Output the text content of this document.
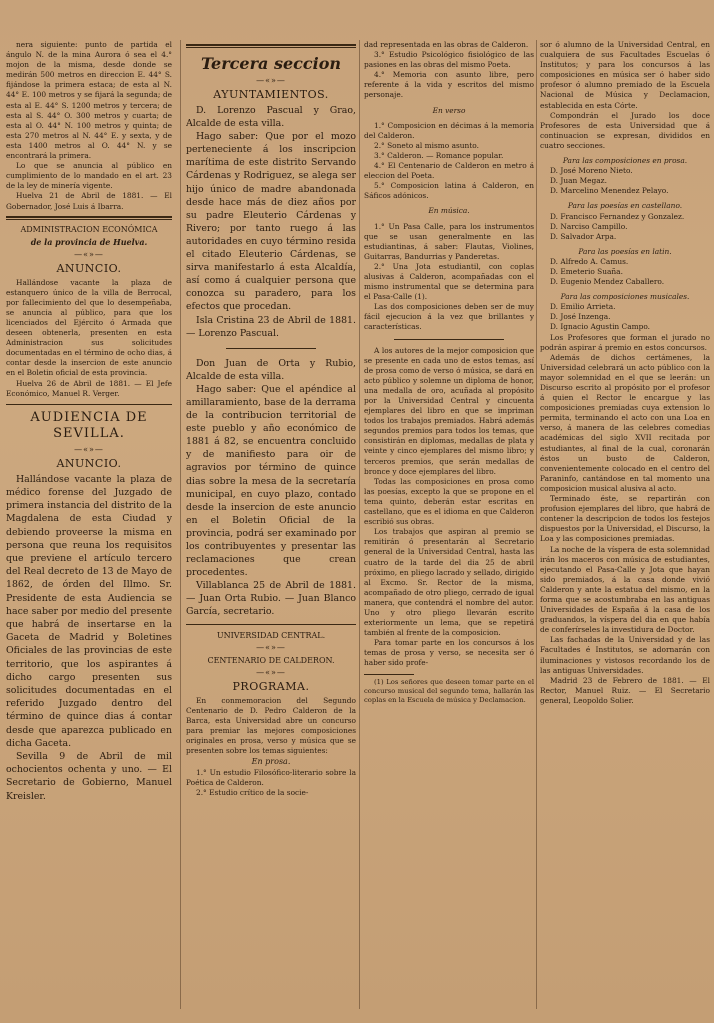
nera siguiente: punto de partida el ángulo N. de la mina Aurora ó sea el 4.° mojon de la misma, desde donde se medirán 500 metros en direccion E. 44° S. fijándose la primera estaca; de esta al N. 44° E. 100 metros y se fijará la segunda; de esta al E. 44° S. 1200 metros y tercera; de esta al S. 44° O. 300 metros y cuarta; de esta al O. 44° N. 100 metros y quinta; de esta 270 metros al N. 44° E. y sexta, y de esta 1400 metros al O. 44° N. y se encontrará la primera.

Lo que se anuncia al público en cumplimiento de lo mandado en el art. 23 de la ley de minería vigente.

Huelva 21 de Abril de 1881. — El Gobernador, José Luis á Ibarra.

ADMINISTRACION ECONÓMICA
de la provincia de Huelva.
—«»—
ANUNCIO.

Hallándose vacante la plaza de estanquero único de la villa de Berrocal, por fallecimiento del que lo desempeñaba, se anuncia al público, para que los licenciados del Ejército ó Armada que deseen obtenerla, presenten en esta Administracion sus solicitudes documentadas en el término de ocho dias, á contar desde la insercion de este anuncio en el Boletin oficial de esta provincia.

Huelva 26 de Abril de 1881. — El Jefe Económico, Manuel R. Verger.

AUDIENCIA DE SEVILLA.
—«»—
ANUNCIO.

Hallándose vacante la plaza de médico forense del Juzgado de primera instancia del distrito de la Magdalena de esta Ciudad y debiendo proveerse la misma en persona que reuna los requisitos que previene el artículo tercero del Real decreto de 13 de Mayo de 1862, de órden del Illmo. Sr. Presidente de esta Audiencia se hace saber por medio del presente que habrá de insertarse en la Gaceta de Madrid y Boletines Oficiales de las provincias de este territorio, que los aspirantes á dicho cargo presenten sus solicitudes documentadas en el referido Juzgado dentro del término de quince dias á contar desde que aparezca publicado en dicha Gaceta.

Sevilla 9 de Abril de mil ochocientos ochenta y uno. — El Secretario de Gobierno, Manuel Kreisler.

Tercera seccion
—«»—
AYUNTAMIENTOS.

D. Lorenzo Pascual y Grao, Alcalde de esta villa.

Hago saber: Que por el mozo perteneciente á los inscripcion marítima de este distrito Servando Cárdenas y Rodriguez, se alega ser hijo único de madre abandonada desde hace más de diez años por su padre Eleuterio Cárdenas y Rivero; por tanto ruego á las autoridades en cuyo término resida el citado Eleuterio Cárdenas, se sirva manifestarlo á esta Alcaldía, así como á cualquier persona que conozca su paradero, para los efectos que procedan.

Isla Cristina 23 de Abril de 1881. — Lorenzo Pascual.

Don Juan de Orta y Rubio, Alcalde de esta villa.

Hago saber: Que el apéndice al amillaramiento, base de la derrama de la contribucion territorial de este pueblo y año económico de 1881 á 82, se encuentra concluido y de manifiesto para oir de agravios por término de quince dias sobre la mesa de la secretaría municipal, en cuyo plazo, contado desde la insercion de este anuncio en el Boletin Oficial de la provincia, podrá ser examinado por los contribuyentes y presentar las reclamaciones que crean procedentes.

Villablanca 25 de Abril de 1881. — Juan Orta Rubio. — Juan Blanco García, secretario.

UNIVERSIDAD CENTRAL.
—«»—
CENTENARIO DE CALDERON.
—«»—
PROGRAMA.

En conmemoracion del Segundo Centenario de D. Pedro Calderon de la Barca, esta Universidad abre un concurso para premiar las mejores composiciones originales en prosa, verso y música que se presenten sobre los temas siguientes:

En prosa.

1.° Un estudio Filosófico-literario sobre la Poética de Calderon.

2.° Estudio crítico de la socie-

dad representada en las obras de Calderon.

3.° Estudio Psicológico fisiológico de las pasiones en las obras del mismo Poeta.

4.° Memoria con asunto libre, pero referente á la vida y escritos del mismo personaje.

En verso

1.° Composicion en décimas á la memoria del Calderon.

2.° Soneto al mismo asunto.

3.° Calderon. — Romance popular.

4.° El Centenario de Calderon en metro á eleccion del Poeta.

5.° Composicion latina á Calderon, en Sáficos adónicos.

En música.

1.° Un Pasa Calle, para los instrumentos que se usan generalmente en las estudiantinas, á saber: Flautas, Violines, Guitarras, Bandurrias y Panderetas.

2.° Una Jota estudiantil, con coplas alusivas á Calderon, acompañadas con el mismo instrumental que se determina para el Pasa-Calle (1).

Las dos composiciones deben ser de muy fácil ejecucion á la vez que brillantes y características.

A los autores de la mejor composicion que se presente en cada uno de estos temas, así de prosa como de verso ó música, se dará en acto público y solemne un diploma de honor, una medalla de oro, acuñada al propósito por la Universidad Central y cincuenta ejemplares del libro en que se impriman todos los trabajos premiados. Habrá además segundos premios para todos los temas, que consistirán en diplomas, medallas de plata y veinte y cinco ejemplares del mismo libro; y terceros premios, que serán medallas de bronce y doce ejemplares del libro.

Todas las composiciones en prosa como las poesías, excepto la que se propone en el tema quinto, deberán estar escritas en castellano, que es el idioma en que Calderon escribió sus obras.

Los trabajos que aspiran al premio se remitirán ó presentarán al Secretario general de la Universidad Central, hasta las cuatro de la tarde del dia 25 de abril próximo, en pliego lacrado y sellado, dirigido al Excmo. Sr. Rector de la misma, acompañado de otro pliego, cerrado de igual manera, que contendrá el nombre del autor. Uno y otro pliego llevarán escrito exteriormente un lema, que se repetirá también al frente de la composicion.

Para tomar parte en los concursos á los temas de prosa y verso, se necesita ser ó haber sido profe-

(1) Los señores que deseen tomar parte en el concurso musical del segundo tema, hallarán las coplas en la Escuela de música y Declamacion.

sor ó alumno de la Universidad Central, en cualquiera de sus Facultades Escuelas ó Institutos; y para los concursos á las composiciones en música ser ó haber sido profesor ó alumno premiado de la Escuela Nacional de Música y Declamacion, establecida en esta Córte.

Compondrán el Jurado los doce Profesores de esta Universidad que á continuacion se expresan, divididos en cuatro secciones.

Para las composiciones en prosa.

D. José Moreno Nieto.

D. Juan Megaz.

D. Marcelino Menendez Pelayo.

Para las poesías en castellano.

D. Francisco Fernandez y Gonzalez.

D. Narciso Campillo.

D. Salvador Arpa.

Para las poesías en latin.

D. Alfredo A. Camus.

D. Emeterio Suaña.

D. Eugenio Mendez Caballero.

Para las composiciones musicales.

D. Emilio Arrieta.

D. José Inzenga.

D. Ignacio Agustin Campo.

Los Profesores que forman el jurado no podrán aspirar á premio en estos concursos.

Además de dichos certámenes, la Universidad celebrará un acto público con la mayor solemnidad en el que se leerán: un Discurso escrito al propósito por el profesor á quien el Rector le encargue y las composiciones premiadas cuya extension lo permita, terminando el acto con una Loa en verso, á manera de las celebres comedias académicas del siglo XVII recitada por estudiantes, al final de la cual, coronarán éstos un busto de Calderon, convenientemente colocado en el centro del Paraninfo, cantándose en tal momento una composicion musical alusiva al acto.

Terminado éste, se repartirán con profusion ejemplares del libro, que habrá de contener la descripcion de todos los festejos dispuestos por la Universidad, el Discurso, la Loa y las composiciones premiadas.

La noche de la víspera de esta solemnidad irán los maceros con música de estudiantes, ejecutando el Pasa-Calle y Jota que hayan sido premiados, á la casa donde vivió Calderon y ante la estatua del mismo, en la forma que se acostumbraba en las antiguas Universidades de España á la casa de los graduandos, la víspera del dia en que había de conferírseles la investidura de Doctor.

Las fachadas de la Universidad y de las Facultades é Institutos, se adornarán con iluminaciones y vistosos recordando los de las antiguas Universidades.

Madrid 23 de Febrero de 1881. — El Rector, Manuel Ruiz. — El Secretario general, Leopoldo Solier.
